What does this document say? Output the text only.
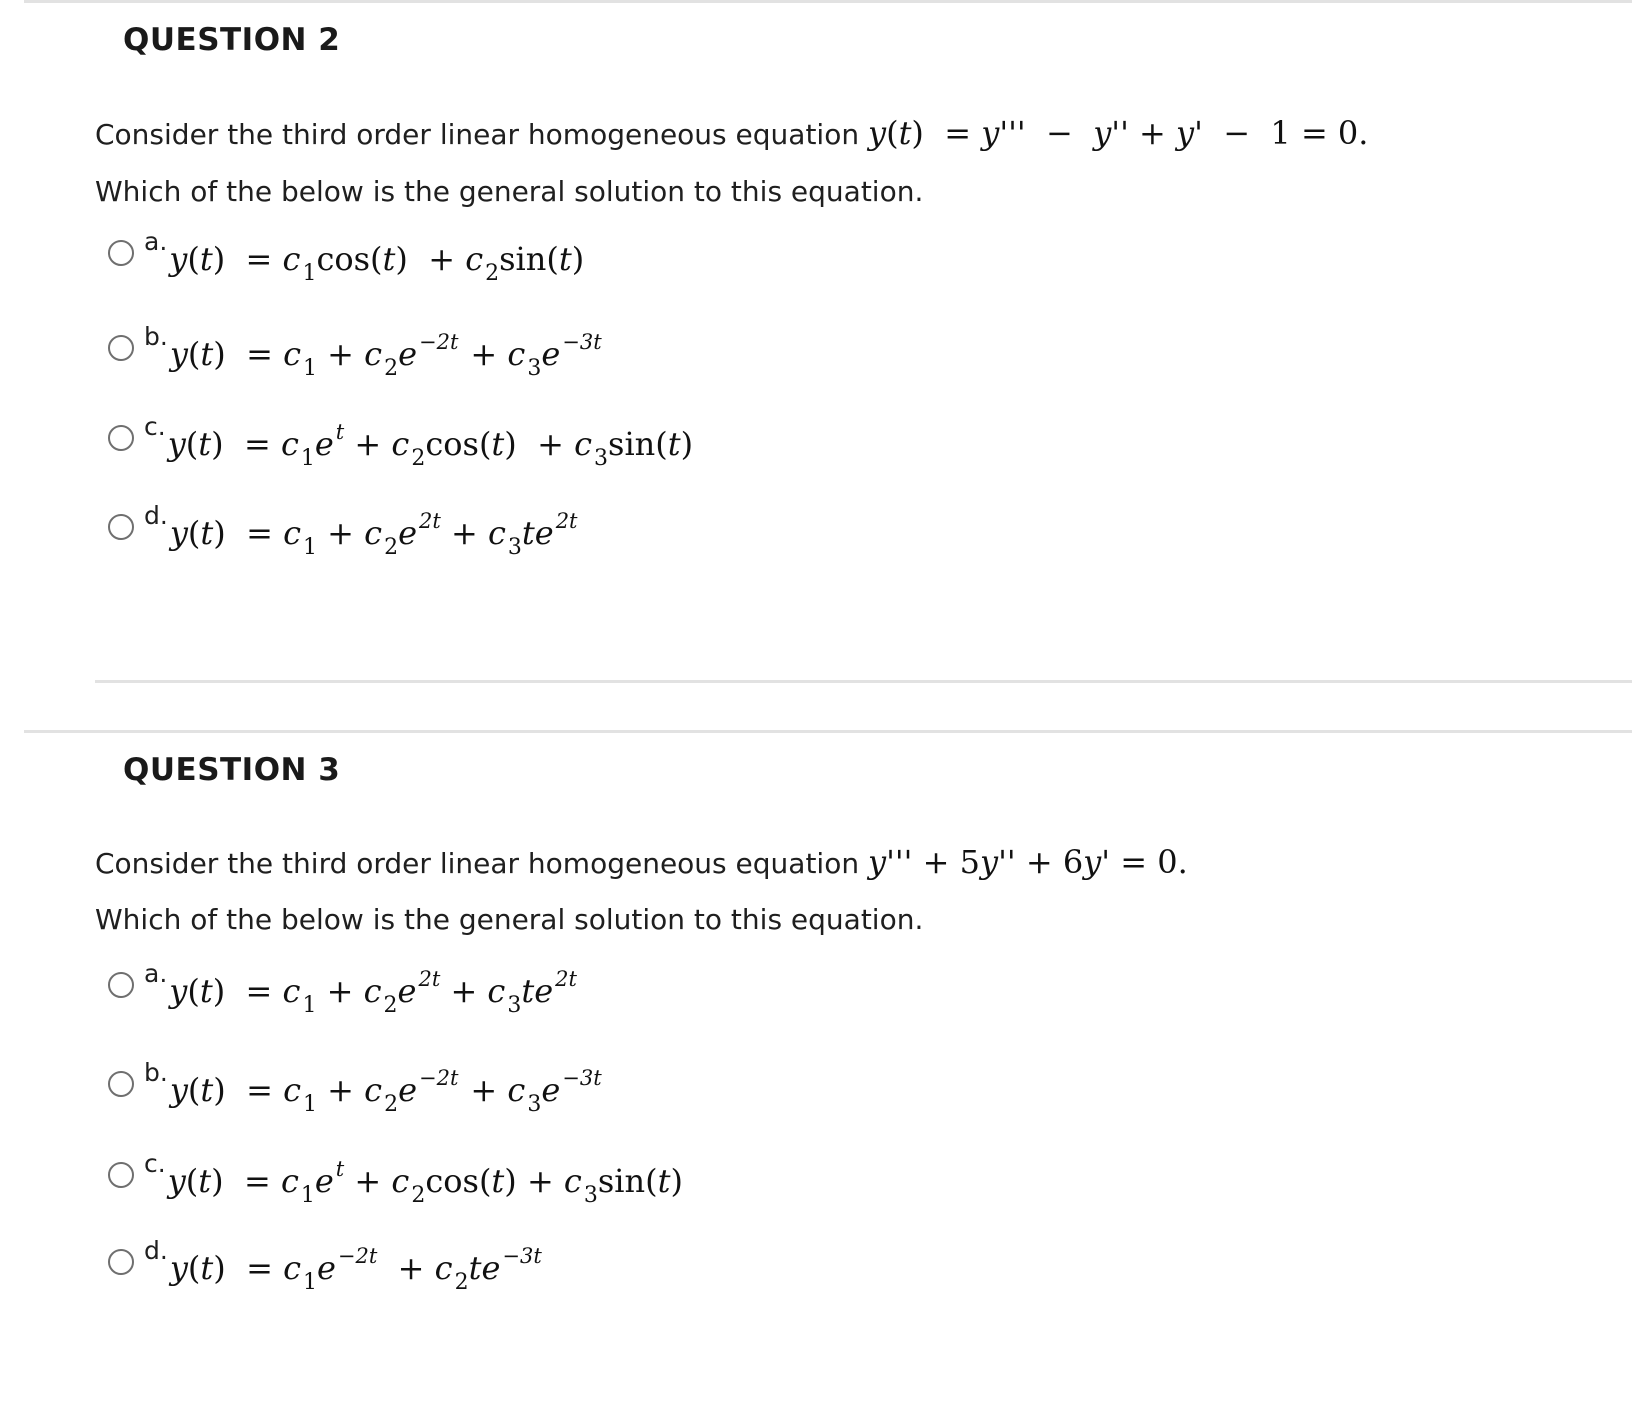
QUESTION 2
Consider the third order linear homogeneous equation y(t)  = y'''  −  y'' + y'  −  1 = 0.
Which of the below is the general solution to this equation.
a. $y(t) = c_1\cos(t) + c_2\sin(t)$
b. $y(t) = c_1 + c_2e^{-2t} + c_3e^{-3t}$
c. $y(t) = c_1e^t + c_2\cos(t) + c_3\sin(t)$
d. $y(t) = c_1 + c_2e^{2t} + c_3te^{2t}$
QUESTION 3
Consider the third order linear homogeneous equation y''' + 5y'' + 6y' = 0.
Which of the below is the general solution to this equation.
a. $y(t) = c_1 + c_2e^{2t} + c_3te^{2t}$
b. $y(t) = c_1 + c_2e^{-2t} + c_3e^{-3t}$
c. $y(t) = c_1e^t + c_2\cos(t) + c_3\sin(t)$
d. $y(t) = c_1e^{-2t} + c_2te^{-3t}$
